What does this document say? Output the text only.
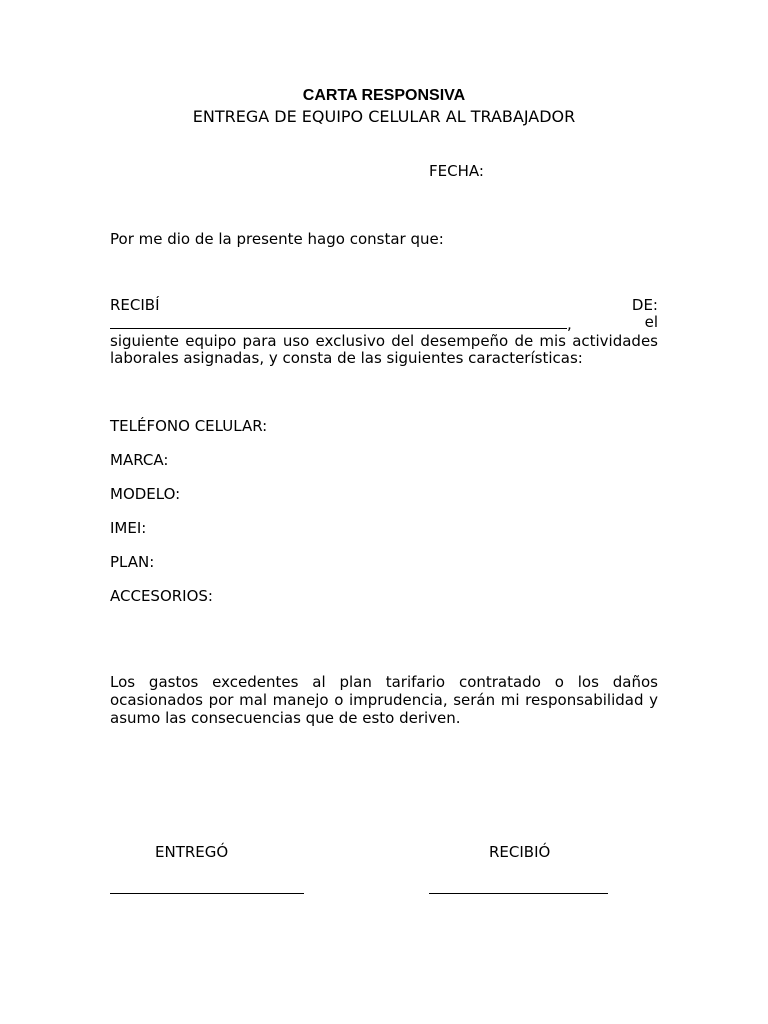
CARTA RESPONSIVA
ENTREGA DE EQUIPO CELULAR AL TRABAJADOR
FECHA:
Por me dio de la presente hago constar que:
RECIBÍ	DE:
,	el
siguiente equipo para uso exclusivo del desempeño de mis actividades laborales asignadas, y consta de las siguientes características:
TELÉFONO CELULAR:
MARCA:
MODELO:
IMEI:
PLAN:
ACCESORIOS:
Los gastos excedentes al plan tarifario contratado o los daños ocasionados por mal manejo o imprudencia, serán mi responsabilidad y asumo las consecuencias que de esto deriven.
ENTREGÓ	RECIBIÓ
